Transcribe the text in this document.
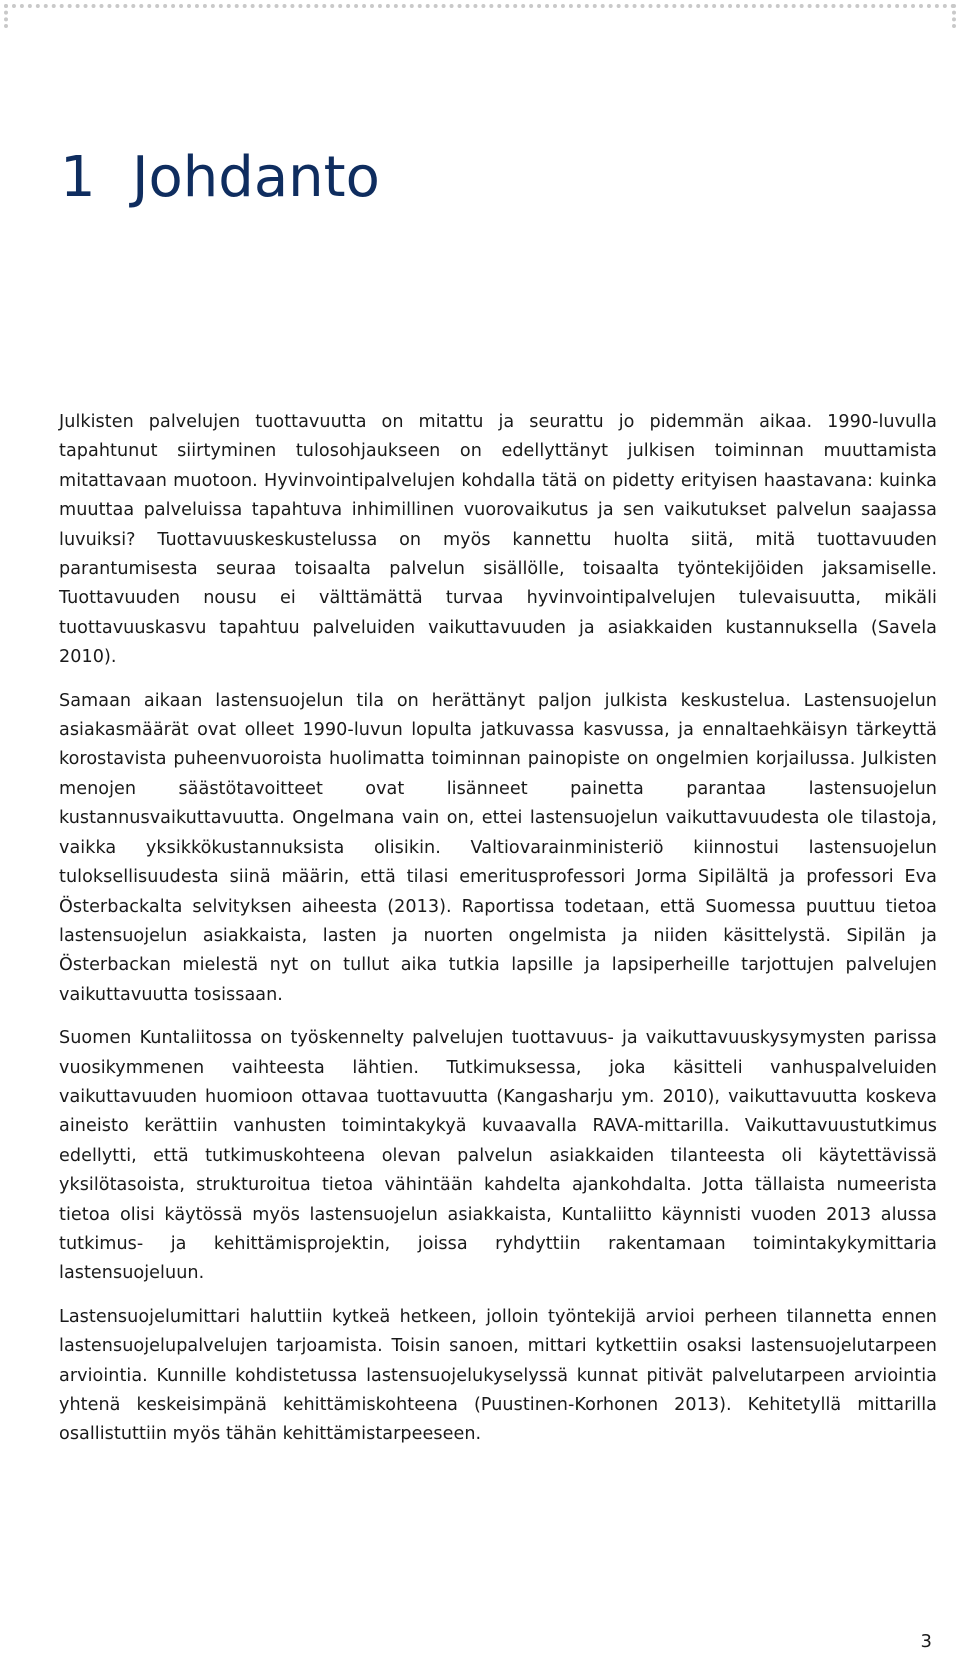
1 Johdanto

Julkisten palvelujen tuottavuutta on mitattu ja seurattu jo pidemmän aikaa. 1990-luvulla tapahtunut siirtyminen tulosohjaukseen on edellyttänyt julkisen toiminnan muuttamista mitattavaan muotoon. Hyvinvointipalvelujen kohdalla tätä on pidetty erityisen haastavana: kuinka muuttaa palveluissa tapahtuva inhimillinen vuorovaikutus ja sen vaikutukset palvelun saajassa luvuiksi? Tuottavuuskeskustelussa on myös kannettu huolta siitä, mitä tuottavuuden parantumisesta seuraa toisaalta palvelun sisällölle, toisaalta työntekijöiden jaksamiselle. Tuottavuuden nousu ei välttämättä turvaa hyvinvointipalvelujen tulevaisuutta, mikäli tuottavuuskasvu tapahtuu palveluiden vaikuttavuuden ja asiakkaiden kustannuksella (Savela 2010).

Samaan aikaan lastensuojelun tila on herättänyt paljon julkista keskustelua. Lastensuojelun asiakasmäärät ovat olleet 1990-luvun lopulta jatkuvassa kasvussa, ja ennaltaehkäisyn tärkeyttä korostavista puheenvuoroista huolimatta toiminnan painopiste on ongelmien korjailussa. Julkisten menojen säästötavoitteet ovat lisänneet painetta parantaa lastensuojelun kustannusvaikuttavuutta. Ongelmana vain on, ettei lastensuojelun vaikuttavuudesta ole tilastoja, vaikka yksikkökustannuksista olisikin. Valtiovarainministeriö kiinnostui lastensuojelun tuloksellisuudesta siinä määrin, että tilasi emeritusprofessori Jorma Sipilältä ja professori Eva Österbackalta selvityksen aiheesta (2013). Raportissa todetaan, että Suomessa puuttuu tietoa lastensuojelun asiakkaista, lasten ja nuorten ongelmista ja niiden käsittelystä. Sipilän ja Österbackan mielestä nyt on tullut aika tutkia lapsille ja lapsiperheille tarjottujen palvelujen vaikuttavuutta tosissaan.

Suomen Kuntaliitossa on työskennelty palvelujen tuottavuus- ja vaikuttavuuskysymysten parissa vuosikymmenen vaihteesta lähtien. Tutkimuksessa, joka käsitteli vanhuspalveluiden vaikuttavuuden huomioon ottavaa tuottavuutta (Kangasharju ym. 2010), vaikuttavuutta koskeva aineisto kerättiin vanhusten toimintakykyä kuvaavalla RAVA-mittarilla. Vaikuttavuustutkimus edellytti, että tutkimuskohteena olevan palvelun asiakkaiden tilanteesta oli käytettävissä yksilötasoista, strukturoitua tietoa vähintään kahdelta ajankohdalta. Jotta tällaista numeerista tietoa olisi käytössä myös lastensuojelun asiakkaista, Kuntaliitto käynnisti vuoden 2013 alussa tutkimus- ja kehittämisprojektin, joissa ryhdyttiin rakentamaan toimintakykymittaria lastensuojeluun.

Lastensuojelumittari haluttiin kytkeä hetkeen, jolloin työntekijä arvioi perheen tilannetta ennen lastensuojelupalvelujen tarjoamista. Toisin sanoen, mittari kytkettiin osaksi lastensuojelutarpeen arviointia. Kunnille kohdistetussa lastensuojelukyselyssä kunnat pitivät palvelutarpeen arviointia yhtenä keskeisimpänä kehittämiskohteena (Puustinen-Korhonen 2013). Kehitetyllä mittarilla osallistuttiin myös tähän kehittämistarpeeseen.

3
